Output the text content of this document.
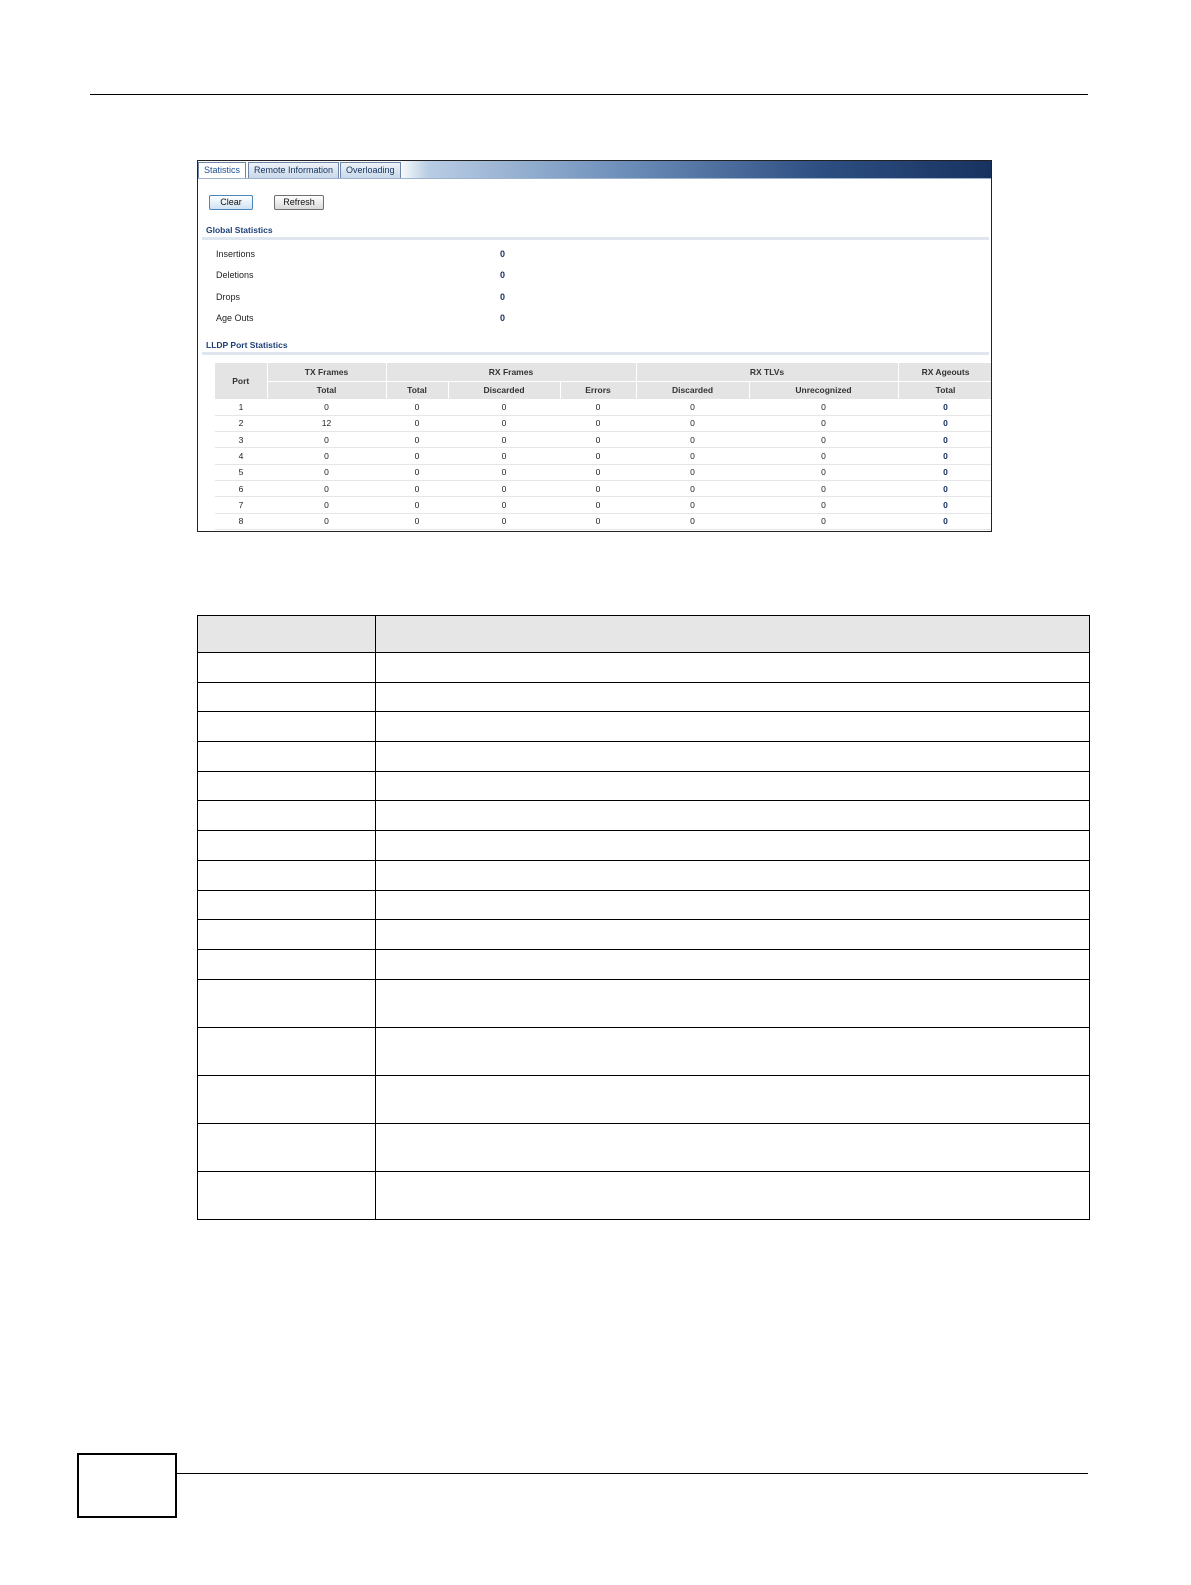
Statistics	Remote Information	Overloading
Clear	Refresh
Global Statistics
Insertions	0
Deletions	0
Drops	0
Age Outs	0
LLDP Port Statistics
Port	TX Frames	RX Frames			RX TLVs		RX Ageouts
	Total	Total	Discarded	Errors	Discarded	Unrecognized	Total
1	0	0	0	0	0	0	0
2	12	0	0	0	0	0	0
3	0	0	0	0	0	0	0
4	0	0	0	0	0	0	0
5	0	0	0	0	0	0	0
6	0	0	0	0	0	0	0
7	0	0	0	0	0	0	0
8	0	0	0	0	0	0	0
